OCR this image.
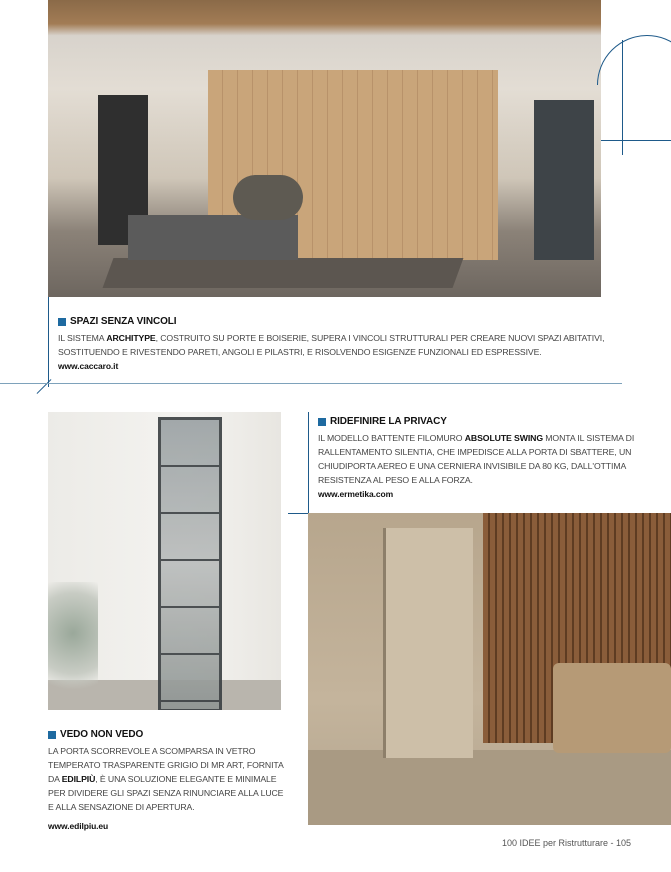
SPAZI SENZA VINCOLI

IL SISTEMA ARCHITYPE, COSTRUITO SU PORTE E BOISERIE, SUPERA I VINCOLI STRUTTURALI PER CREARE NUOVI SPAZI ABITATIVI, SOSTITUENDO E RIVESTENDO PARETI, ANGOLI E PILASTRI, E RISOLVENDO ESIGENZE FUNZIONALI ED ESPRESSIVE.

www.caccaro.it
RIDEFINIRE LA PRIVACY

IL MODELLO BATTENTE FILOMURO ABSOLUTE SWING MONTA IL SISTEMA DI RALLENTAMENTO SILENTIA, CHE IMPEDISCE ALLA PORTA DI SBATTERE, UN CHIUDIPORTA AEREO E UNA CERNIERA INVISIBILE DA 80 KG, DALL'OTTIMA RESISTENZA AL PESO E ALLA FORZA.

www.ermetika.com
VEDO NON VEDO

LA PORTA SCORREVOLE A SCOMPARSA IN VETRO TEMPERATO TRASPARENTE GRIGIO DI MR ART, FORNITA DA EDILPIÙ, È UNA SOLUZIONE ELEGANTE E MINIMALE PER DIVIDERE GLI SPAZI SENZA RINUNCIARE ALLA LUCE E ALLA SENSAZIONE DI APERTURA.

www.edilpiu.eu
100 IDEE per Ristrutturare - 105
